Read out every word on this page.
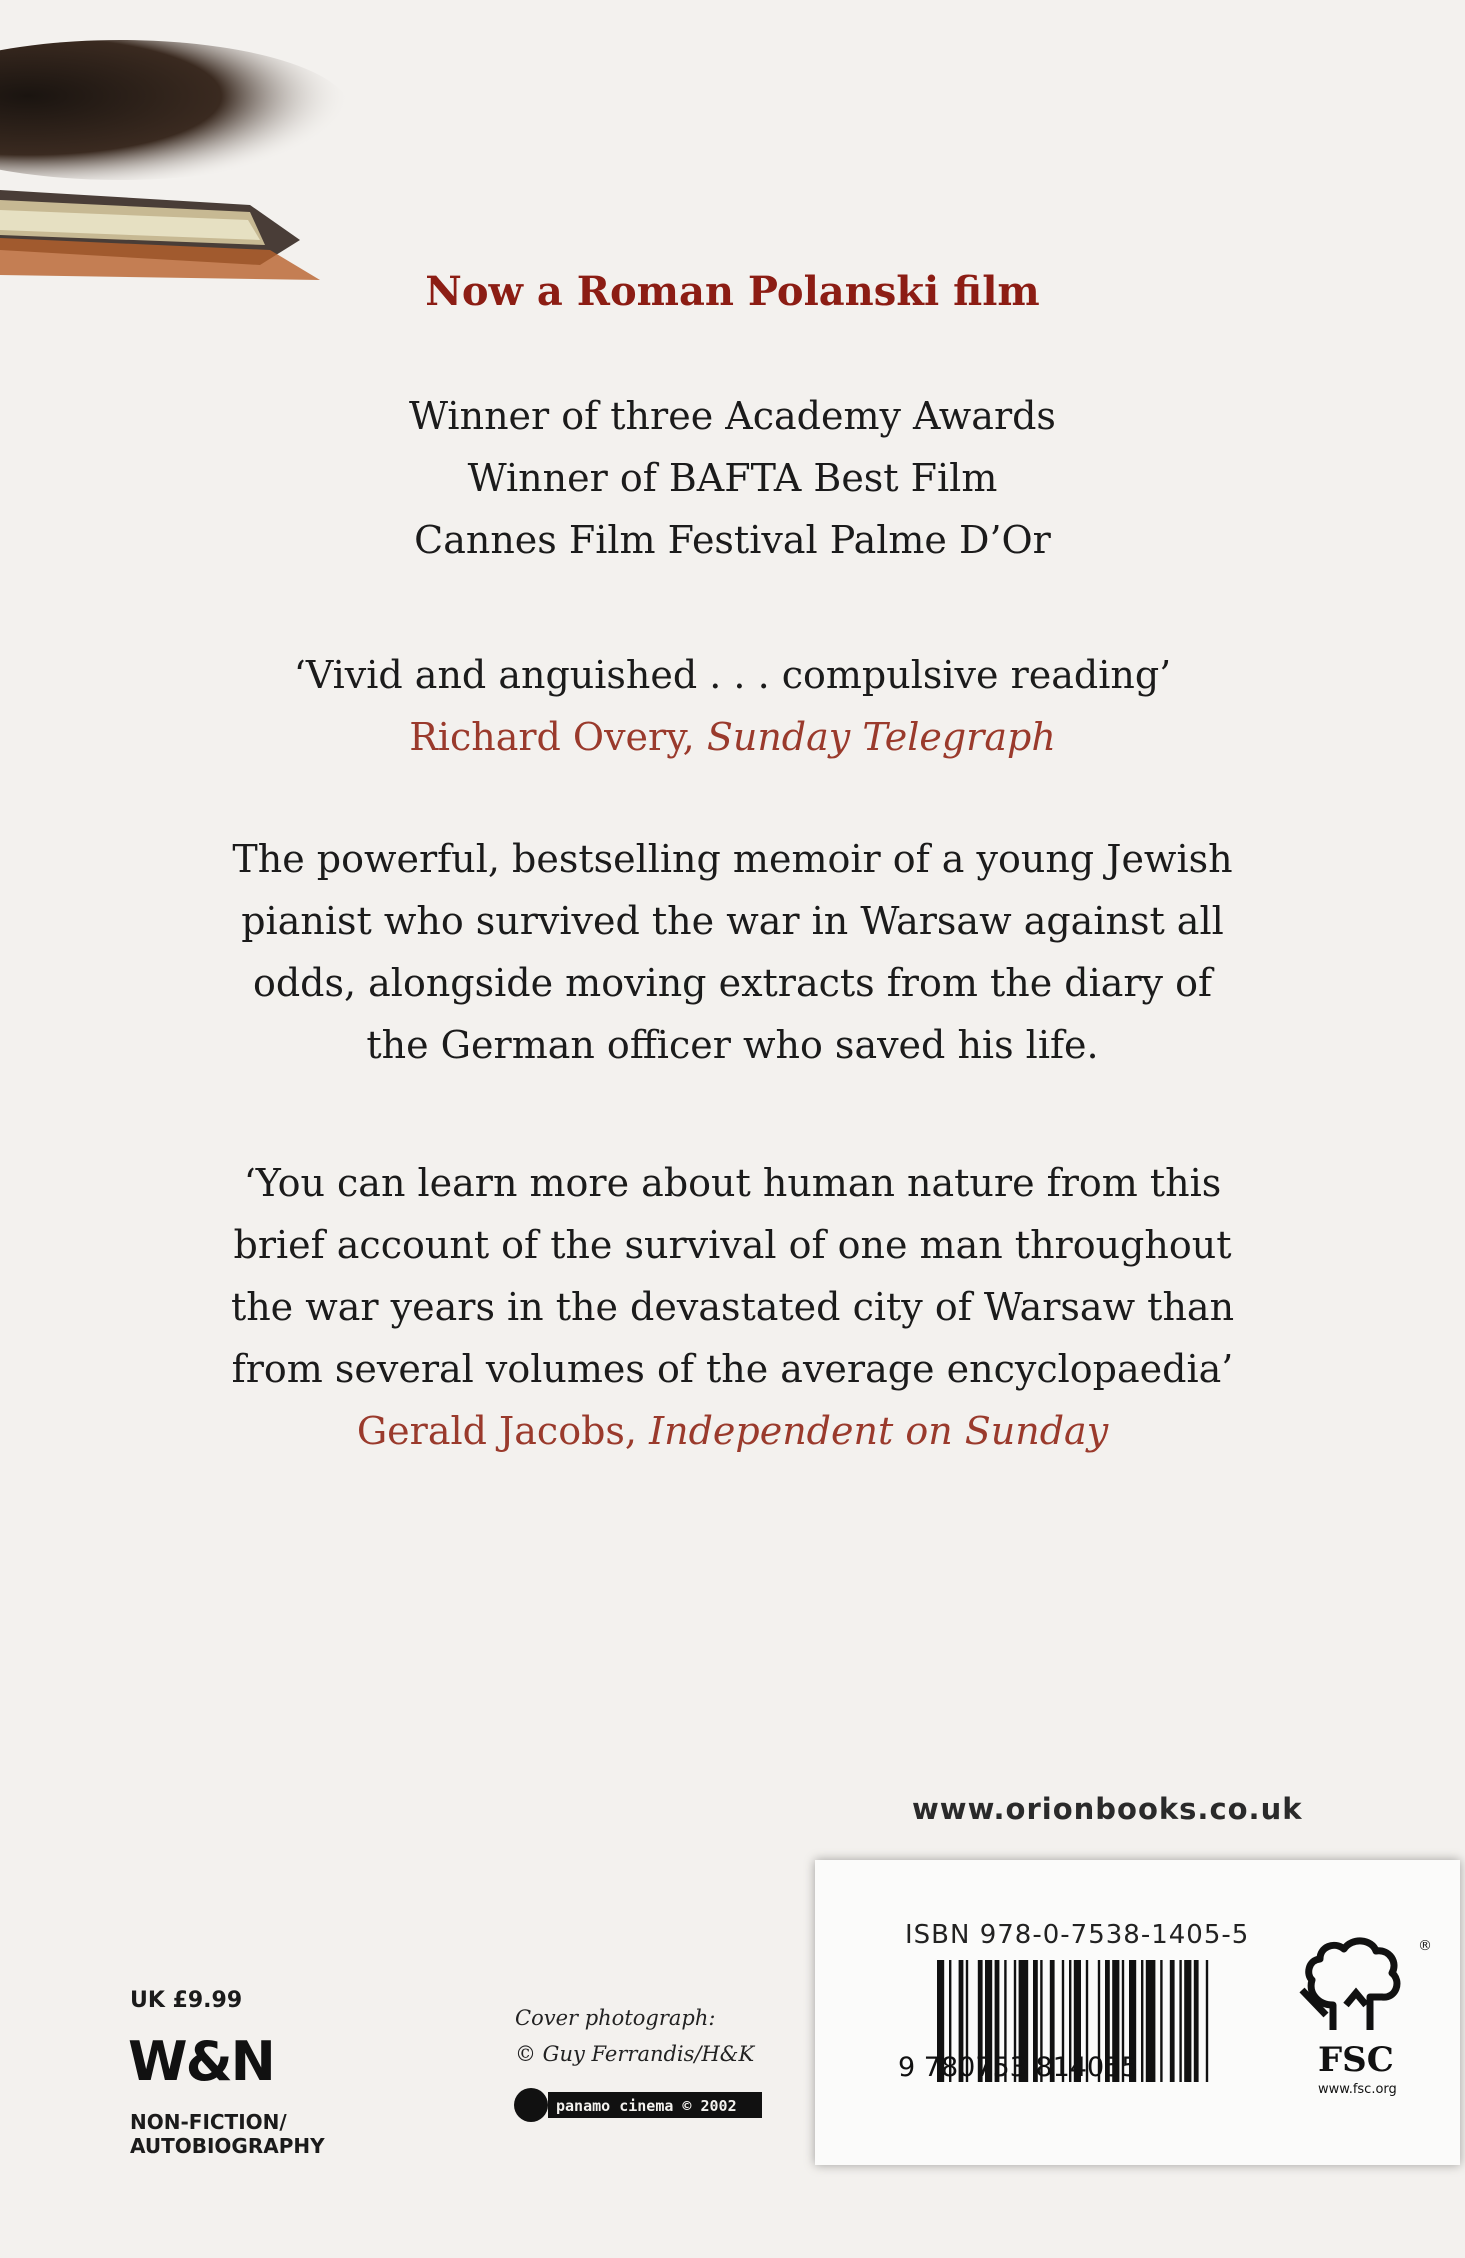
Now a Roman Polanski film
Winner of three Academy Awards
Winner of BAFTA Best Film
Cannes Film Festival Palme D’Or
‘Vivid and anguished . . . compulsive reading’
Richard Overy, Sunday Telegraph
The powerful, bestselling memoir of a young Jewish pianist who survived the war in Warsaw against all odds, alongside moving extracts from the diary of the German officer who saved his life.
‘You can learn more about human nature from this brief account of the survival of one man throughout the war years in the devastated city of Warsaw than from several volumes of the average encyclopaedia’
Gerald Jacobs, Independent on Sunday
www.orionbooks.co.uk
ISBN 978-0-7538-1405-5
9 780753 814055
®
FSC
www.fsc.org
UK £9.99
W&N
NON-FICTION/
AUTOBIOGRAPHY
Cover photograph:
© Guy Ferrandis/H&K
panamo cinema © 2002
